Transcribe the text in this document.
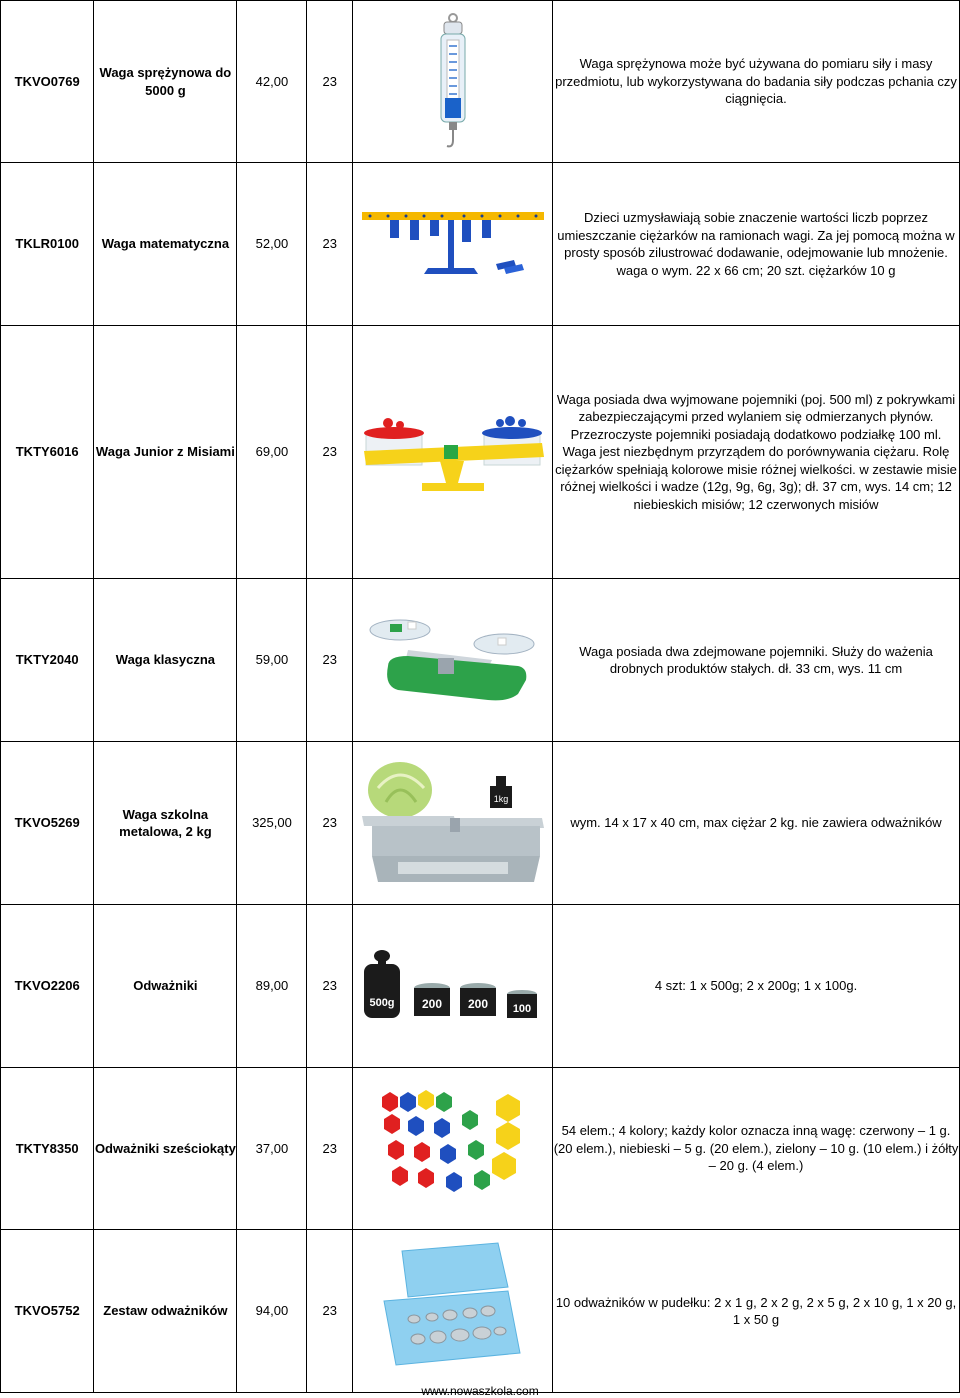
TKVO0769	Waga sprężynowa do 5000 g	42,00	23		Waga sprężynowa może być używana do pomiaru siły i masy przedmiotu, lub wykorzystywana do badania siły podczas pchania czy ciągnięcia.
TKLR0100	Waga matematyczna	52,00	23		Dzieci uzmysławiają sobie znaczenie wartości liczb poprzez umieszczanie ciężarków na ramionach wagi. Za jej pomocą można w prosty sposób zilustrować dodawanie, odejmowanie lub mnożenie. waga o wym. 22 x 66 cm; 20 szt. ciężarków 10 g
TKTY6016	Waga Junior z Misiami	69,00	23		Waga posiada dwa wyjmowane pojemniki (poj. 500 ml) z pokrywkami zabezpieczającymi przed wylaniem się odmierzanych płynów. Przezroczyste pojemniki posiadają dodatkowo podziałkę 100 ml. Waga jest niezbędnym przyrządem do porównywania ciężaru. Rolę ciężarków spełniają kolorowe misie różnej wielkości. w zestawie misie różnej wielkości i wadze (12g, 9g, 6g, 3g); dł. 37 cm, wys. 14 cm; 12 niebieskich misiów; 12 czerwonych misiów
TKTY2040	Waga klasyczna	59,00	23		Waga posiada dwa zdejmowane pojemniki. Służy do ważenia drobnych produktów stałych. dł. 33 cm, wys. 11 cm
TKVO5269	Waga szkolna metalowa, 2 kg	325,00	23	1kg	wym. 14 x 17 x 40 cm, max ciężar 2 kg. nie zawiera odważników
TKVO2206	Odważniki	89,00	23	500g 200 200 100	4 szt: 1 x 500g; 2 x 200g; 1 x 100g.
TKTY8350	Odważniki sześciokąty	37,00	23		54 elem.; 4 kolory; każdy kolor oznacza inną wagę: czerwony – 1 g. (20 elem.), niebieski – 5 g. (20 elem.), zielony – 10 g. (10 elem.) i żółty – 20 g. (4 elem.)
TKVO5752	Zestaw odważników	94,00	23		10 odważników w pudełku: 2 x 1 g, 2 x 2 g, 2 x 5 g, 2 x 10 g, 1 x 20 g, 1 x 50 g
www.nowaszkola.com
